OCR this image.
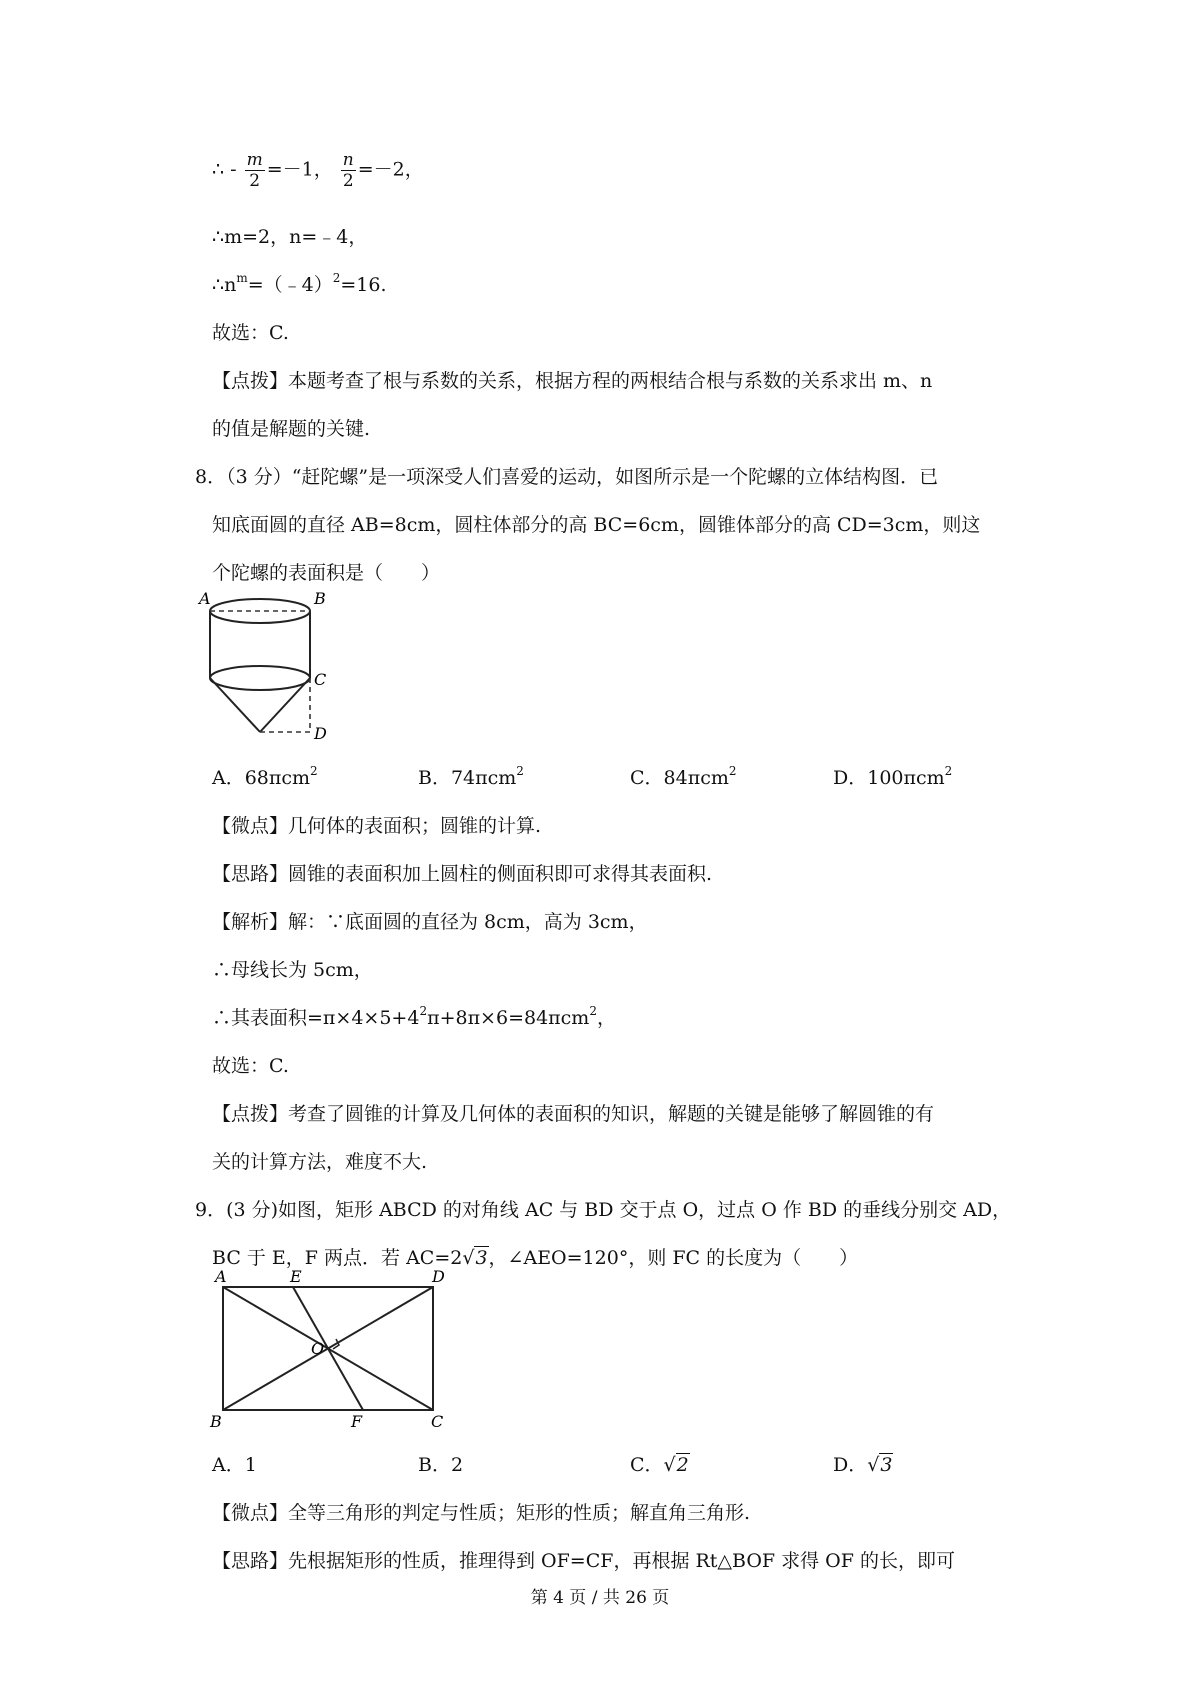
∴ - $\frac{m}{2} =-1$， $\frac{n}{2} =-2$，
∴m=2，n=﹣4，
$\therefore n^m=(﹣4)^2=16$.
故选：C.
【点拨】本题考查了根与系数的关系，根据方程的两根结合根与系数的关系求出 m、n
的值是解题的关键.
8．（3 分）“赶陀螺”是一项深受人们喜爱的运动，如图所示是一个陀螺的立体结构图．已
知底面圆的直径 AB=8cm，圆柱体部分的高 BC=6cm，圆锥体部分的高 CD=3cm，则这
个陀螺的表面积是（　　）
A	B
C
D
A．68πcm$^2$	B．74πcm$^2$	C．84πcm$^2$	D．100πcm$^2$
【微点】几何体的表面积；圆锥的计算.
【思路】圆锥的表面积加上圆柱的侧面积即可求得其表面积.
【解析】解：∵底面圆的直径为 8cm，高为 3cm，
∴母线长为 5cm，
∴其表面积$=\pi\times 4\times 5+4^2\pi+8\pi\times 6=84\pi cm^2$，
故选：C.
【点拨】考查了圆锥的计算及几何体的表面积的知识，解题的关键是能够了解圆锥的有
关的计算方法，难度不大.
9．(3 分)如图，矩形 ABCD 的对角线 AC 与 BD 交于点 O，过点 O 作 BD 的垂线分别交 AD，
BC 于 E，F 两点．若 AC=2√3，∠AEO=120°，则 FC 的长度为（　　）
A	E	D
O
B	F	C
A．1	B．2	C．√2	D．√3
【微点】全等三角形的判定与性质；矩形的性质；解直角三角形.
【思路】先根据矩形的性质，推理得到 OF=CF，再根据 Rt△BOF 求得 OF 的长，即可
第 4 页 / 共 26 页
